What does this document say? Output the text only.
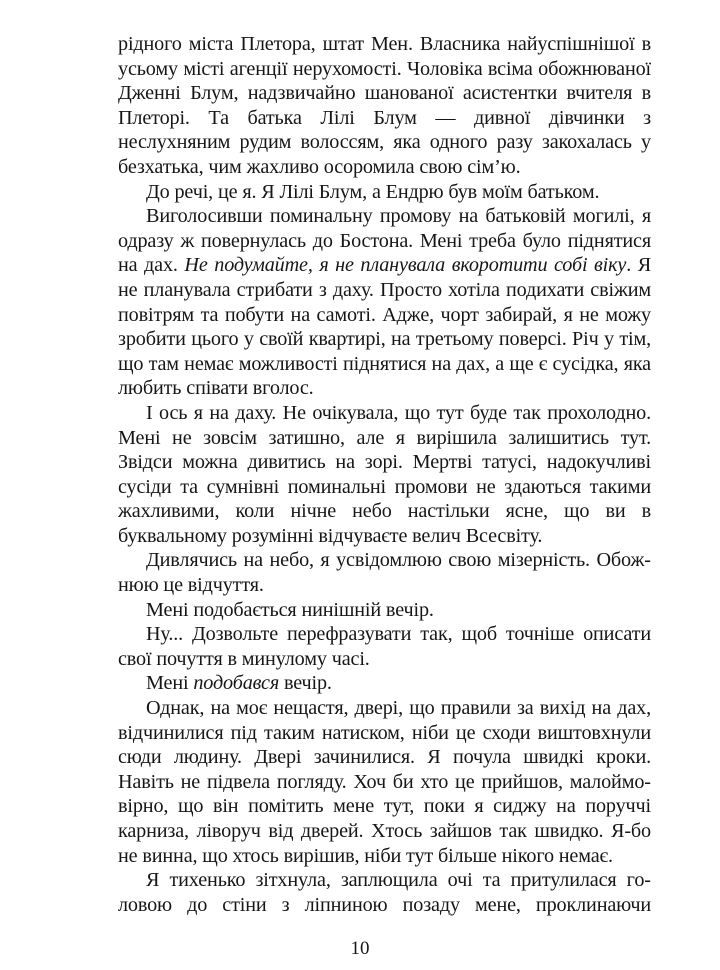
рідного міста Плетора, штат Мен. Власника найуспішнішої в усьому місті агенції нерухомості. Чоловіка всіма обожнюваної Дженні Блум, надзвичайно шанованої асистентки вчителя в Плеторі. Та батька Лілі Блум — дивної дівчинки з неслухняним рудим волоссям, яка одного разу закохалась у безхатька, чим жахливо осоромила свою сім’ю.

До речі, це я. Я Лілі Блум, а Ендрю був моїм батьком.

Виголосивши поминальну промову на батьковій могилі, я одразу ж повернулась до Бостона. Мені треба було піднятися на дах. Не подумайте, я не планувала вкоротити собі віку. Я не планувала стрибати з даху. Просто хотіла подихати свіжим повітрям та побути на самоті. Адже, чорт забирай, я не можу зробити цього у своїй квартирі, на третьому поверсі. Річ у тім, що там немає можливості піднятися на дах, а ще є сусідка, яка любить співати вголос.

І ось я на даху. Не очікувала, що тут буде так прохолодно. Мені не зовсім затишно, але я вирішила залишитись тут. Звідси можна дивитись на зорі. Мертві татусі, надокучливі сусіди та сумнівні поминальні промови не здаються такими жахливими, коли нічне небо настільки ясне, що ви в буквальному розумінні відчуваєте велич Всесвіту.

Дивлячись на небо, я усвідомлюю свою мізерність. Обожнюю це відчуття.

Мені подобається нинішній вечір.

Ну... Дозвольте перефразувати так, щоб точніше описати свої почуття в минулому часі.

Мені подобався вечір.

Однак, на моє нещастя, двері, що правили за вихід на дах, відчинилися під таким натиском, ніби це сходи виштовхнули сюди людину. Двері зачинилися. Я почула швидкі кроки. Навіть не підвела погляду. Хоч би хто це прийшов, малоймовірно, що він помітить мене тут, поки я сиджу на поруччі карниза, ліворуч від дверей. Хтось зайшов так швидко. Я-бо не винна, що хтось вирішив, ніби тут більше нікого немає.

Я тихенько зітхнула, заплющила очі та притулилася головою до стіни з ліпниною позаду мене, проклинаючи

10
